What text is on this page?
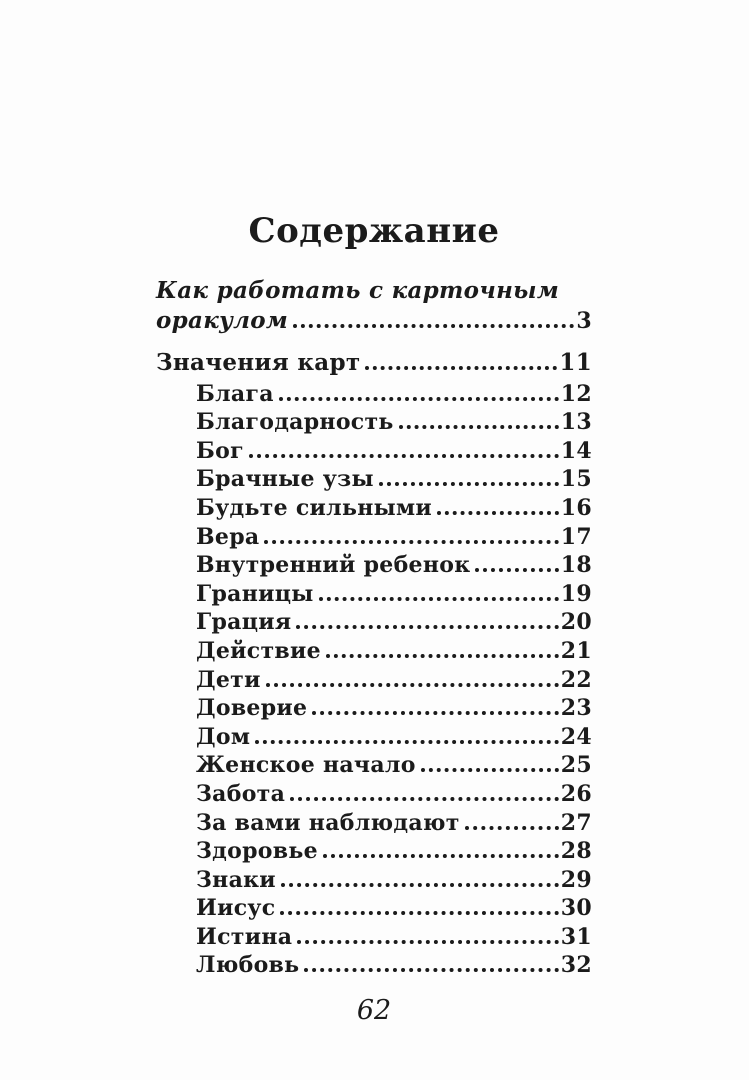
Содержание
Как работать с карточным
оракулом	3
Значения карт	11
Блага	12
Благодарность	13
Бог	14
Брачные узы	15
Будьте сильными	16
Вера	17
Внутренний ребенок	18
Границы	19
Грация	20
Действие	21
Дети	22
Доверие	23
Дом	24
Женское начало	25
Забота	26
За вами наблюдают	27
Здоровье	28
Знаки	29
Иисус	30
Истина	31
Любовь	32
62
